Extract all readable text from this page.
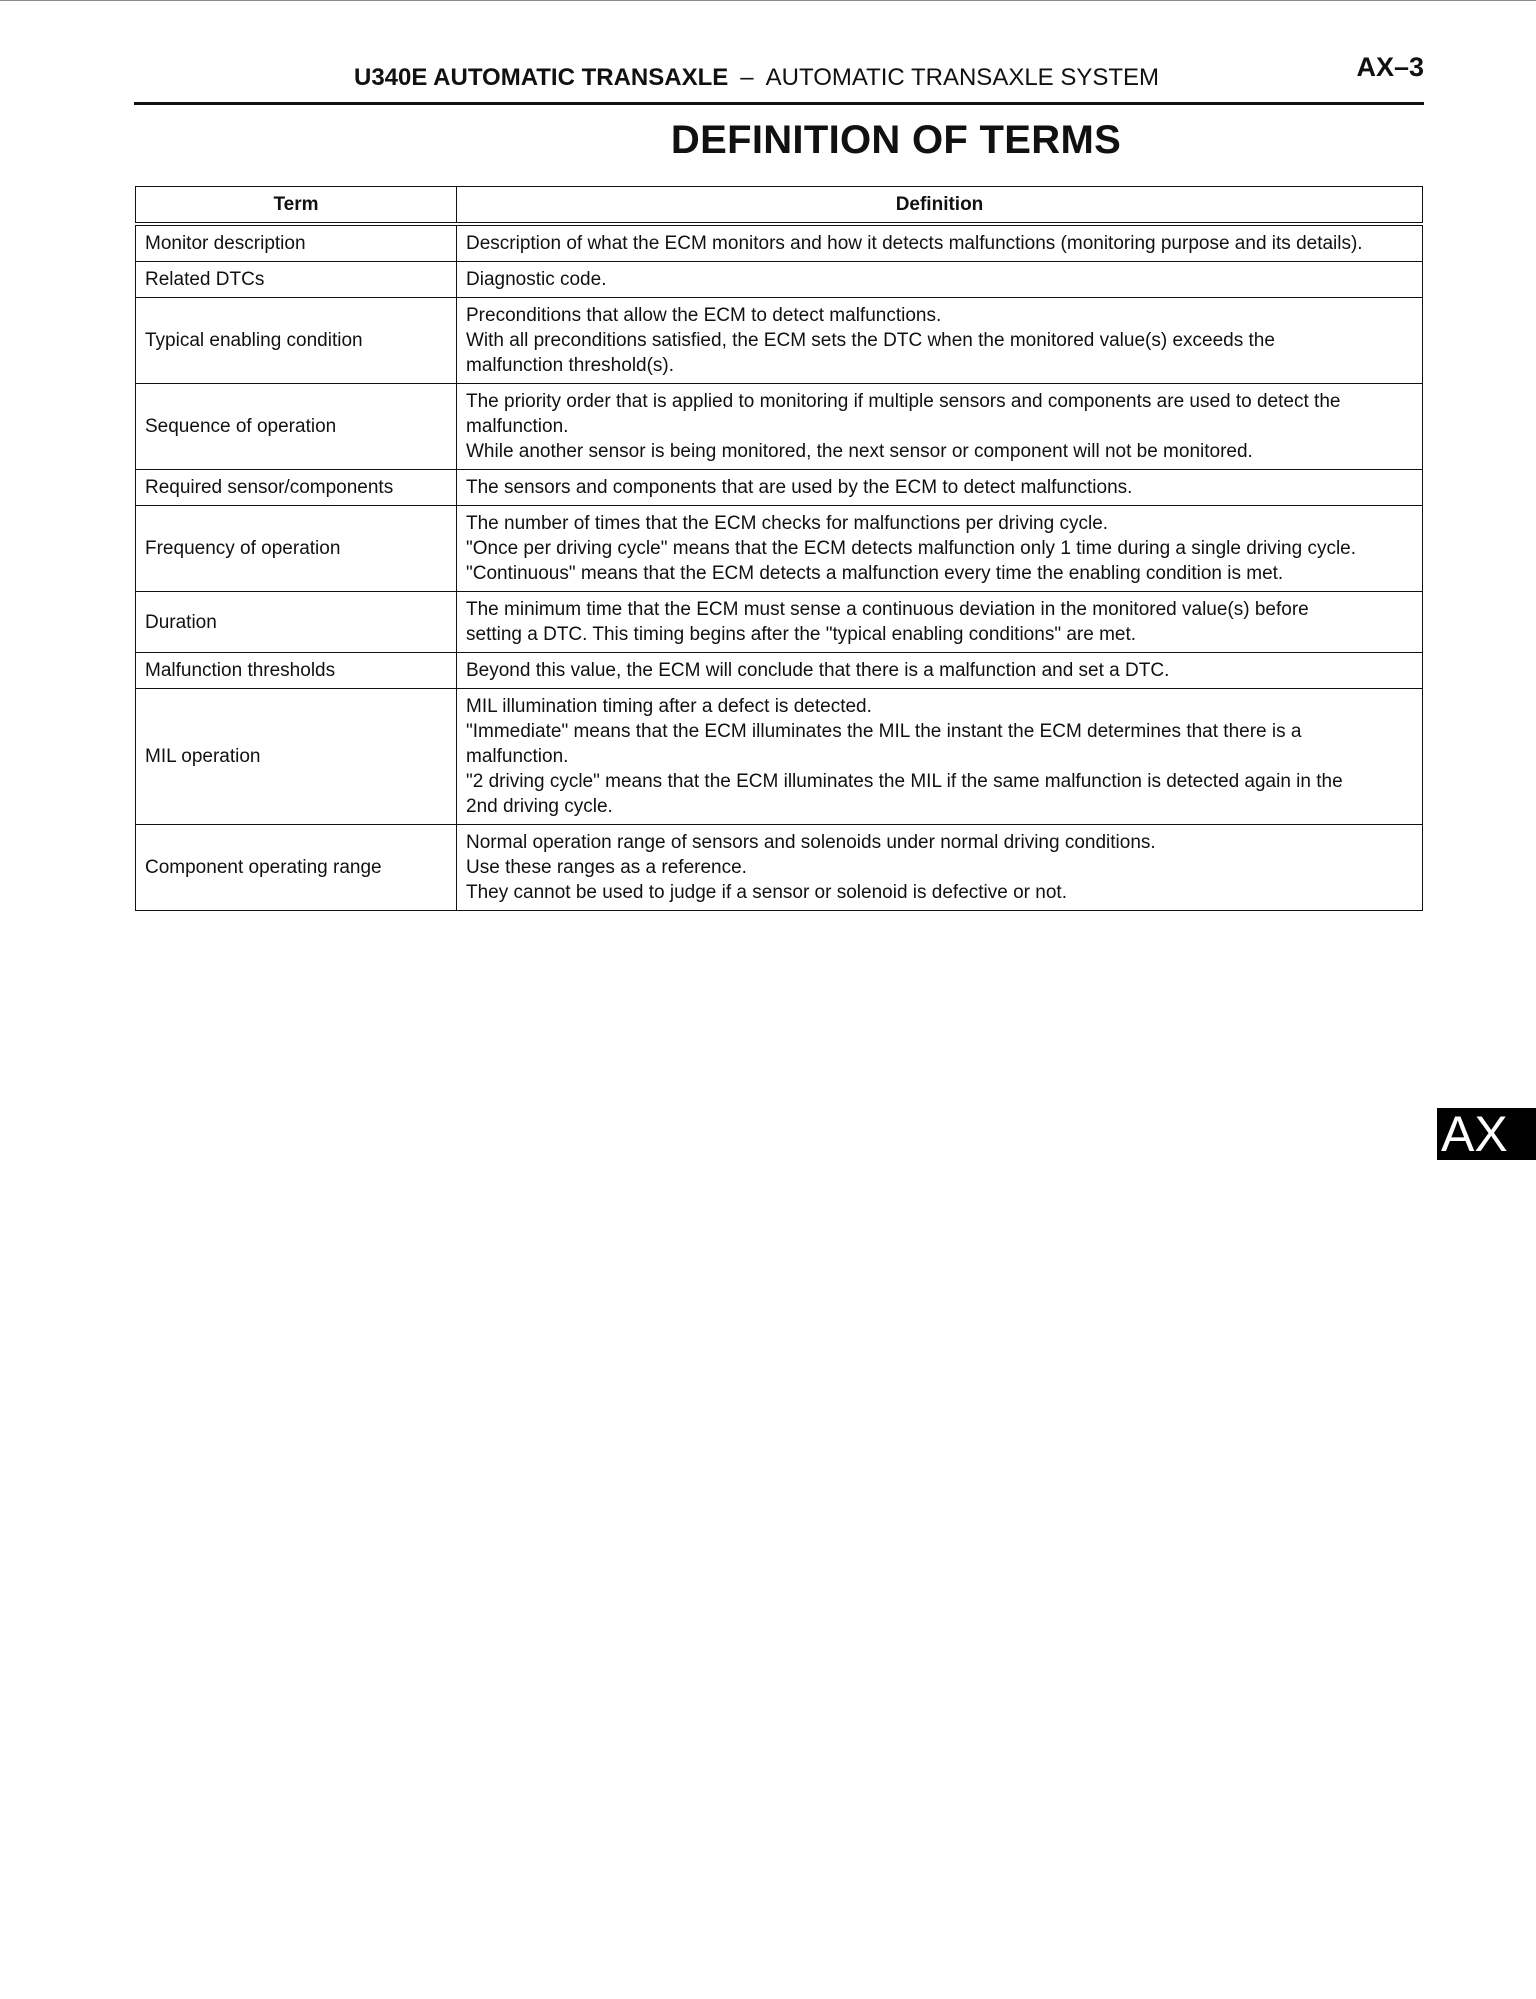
U340E AUTOMATIC TRANSAXLE – AUTOMATIC TRANSAXLE SYSTEM	AX–3
DEFINITION OF TERMS
Term	Definition
Monitor description	Description of what the ECM monitors and how it detects malfunctions (monitoring purpose and its details).

Related DTCs	Diagnostic code.

Typical enabling condition	Preconditions that allow the ECM to detect malfunctions.
With all preconditions satisfied, the ECM sets the DTC when the monitored value(s) exceeds the
malfunction threshold(s).

Sequence of operation	The priority order that is applied to monitoring if multiple sensors and components are used to detect the
malfunction.
While another sensor is being monitored, the next sensor or component will not be monitored.

Required sensor/components	The sensors and components that are used by the ECM to detect malfunctions.

Frequency of operation	The number of times that the ECM checks for malfunctions per driving cycle.
"Once per driving cycle" means that the ECM detects malfunction only 1 time during a single driving cycle.
"Continuous" means that the ECM detects a malfunction every time the enabling condition is met.

Duration	The minimum time that the ECM must sense a continuous deviation in the monitored value(s) before
setting a DTC. This timing begins after the "typical enabling conditions" are met.

Malfunction thresholds	Beyond this value, the ECM will conclude that there is a malfunction and set a DTC.

MIL operation	MIL illumination timing after a defect is detected.
"Immediate" means that the ECM illuminates the MIL the instant the ECM determines that there is a
malfunction.
"2 driving cycle" means that the ECM illuminates the MIL if the same malfunction is detected again in the
2nd driving cycle.

Component operating range	Normal operation range of sensors and solenoids under normal driving conditions.
Use these ranges as a reference.
They cannot be used to judge if a sensor or solenoid is defective or not.
AX
